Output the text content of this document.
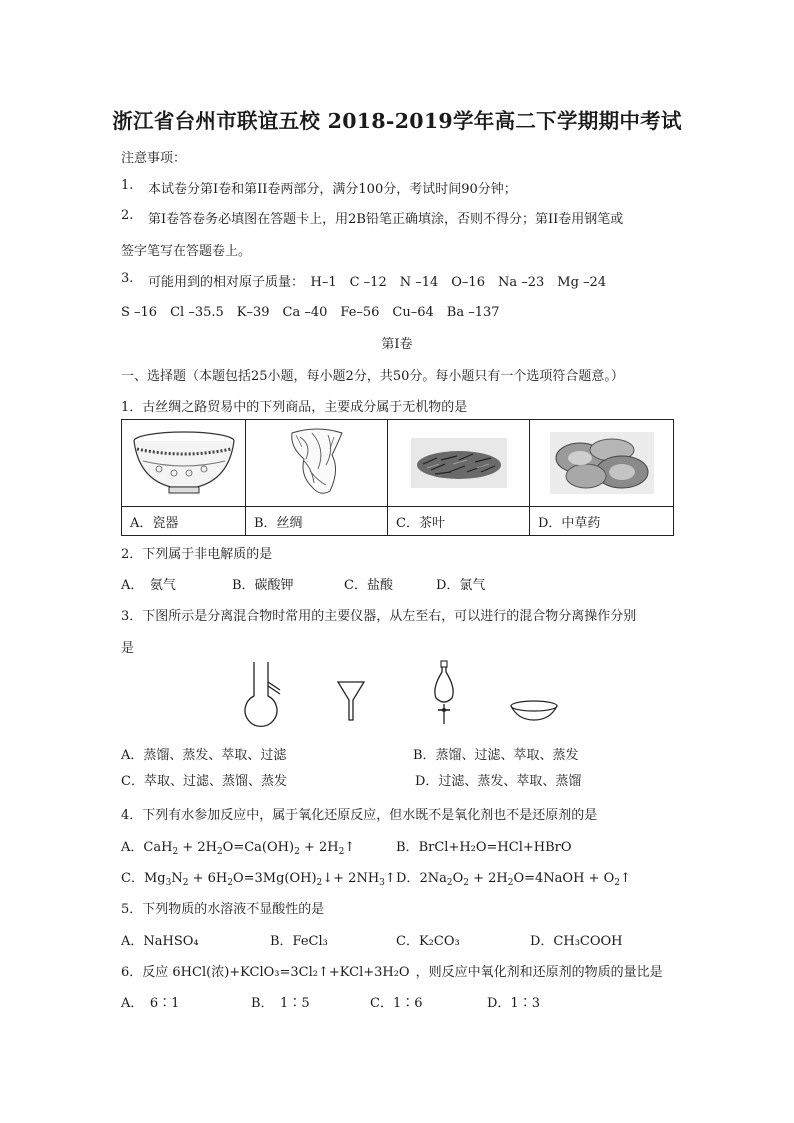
浙江省台州市联谊五校 2018-2019学年高二下学期期中考试
注意事项：
1. 本试卷分第I卷和第II卷两部分，满分100分，考试时间90分钟；
2. 第I卷答卷务必填图在答题卡上，用2B铅笔正确填涂，否则不得分；第II卷用钢笔或
签字笔写在答题卷上。
3. 可能用到的相对原子质量：　H–1　C –12　N –14　O–16　Na –23　Mg –24
S –16　Cl –35.5　K–39　Ca –40　Fe–56　Cu–64　Ba –137
第I卷
一、选择题（本题包括25小题，每小题2分，共50分。每小题只有一个选项符合题意。）
1．古丝绸之路贸易中的下列商品，主要成分属于无机物的是

A．瓷器	B．丝绸	C．茶叶	D．中草药
2．下列属于非电解质的是
A．　氨气	B．碳酸钾	C．盐酸	D．氯气
3．下图所示是分离混合物时常用的主要仪器，从左至右，可以进行的混合物分离操作分别
是
A．蒸馏、蒸发、萃取、过滤	B．蒸馏、过滤、萃取、蒸发
C．萃取、过滤、蒸馏、蒸发	D．过滤、蒸发、萃取、蒸馏
4．下列有水参加反应中，属于氧化还原反应，但水既不是氧化剂也不是还原剂的是
A．$CaH_2 + 2H_2O=Ca(OH)_2$ + $2H_2↑$	B．BrCl+H₂O=HCl+HBrO
C．$Mg_3N_2$ + $6H_2O=3Mg(OH)_2↓+$ $2NH_3↑$ D．$2Na_2O_2$ + $2H_2O=4NaOH$ + $O_2↑$
5．下列物质的水溶液不显酸性的是
A．NaHSO₄	B．FeCl₃	C．K₂CO₃	D．CH₃COOH
6．反应 6HCl(浓)+KClO₃=3Cl₂↑+KCl+3H₂O ，则反应中氧化剂和还原剂的物质的量比是
A．　6∶1	B．　1∶5	C．1∶6	D．1∶3
